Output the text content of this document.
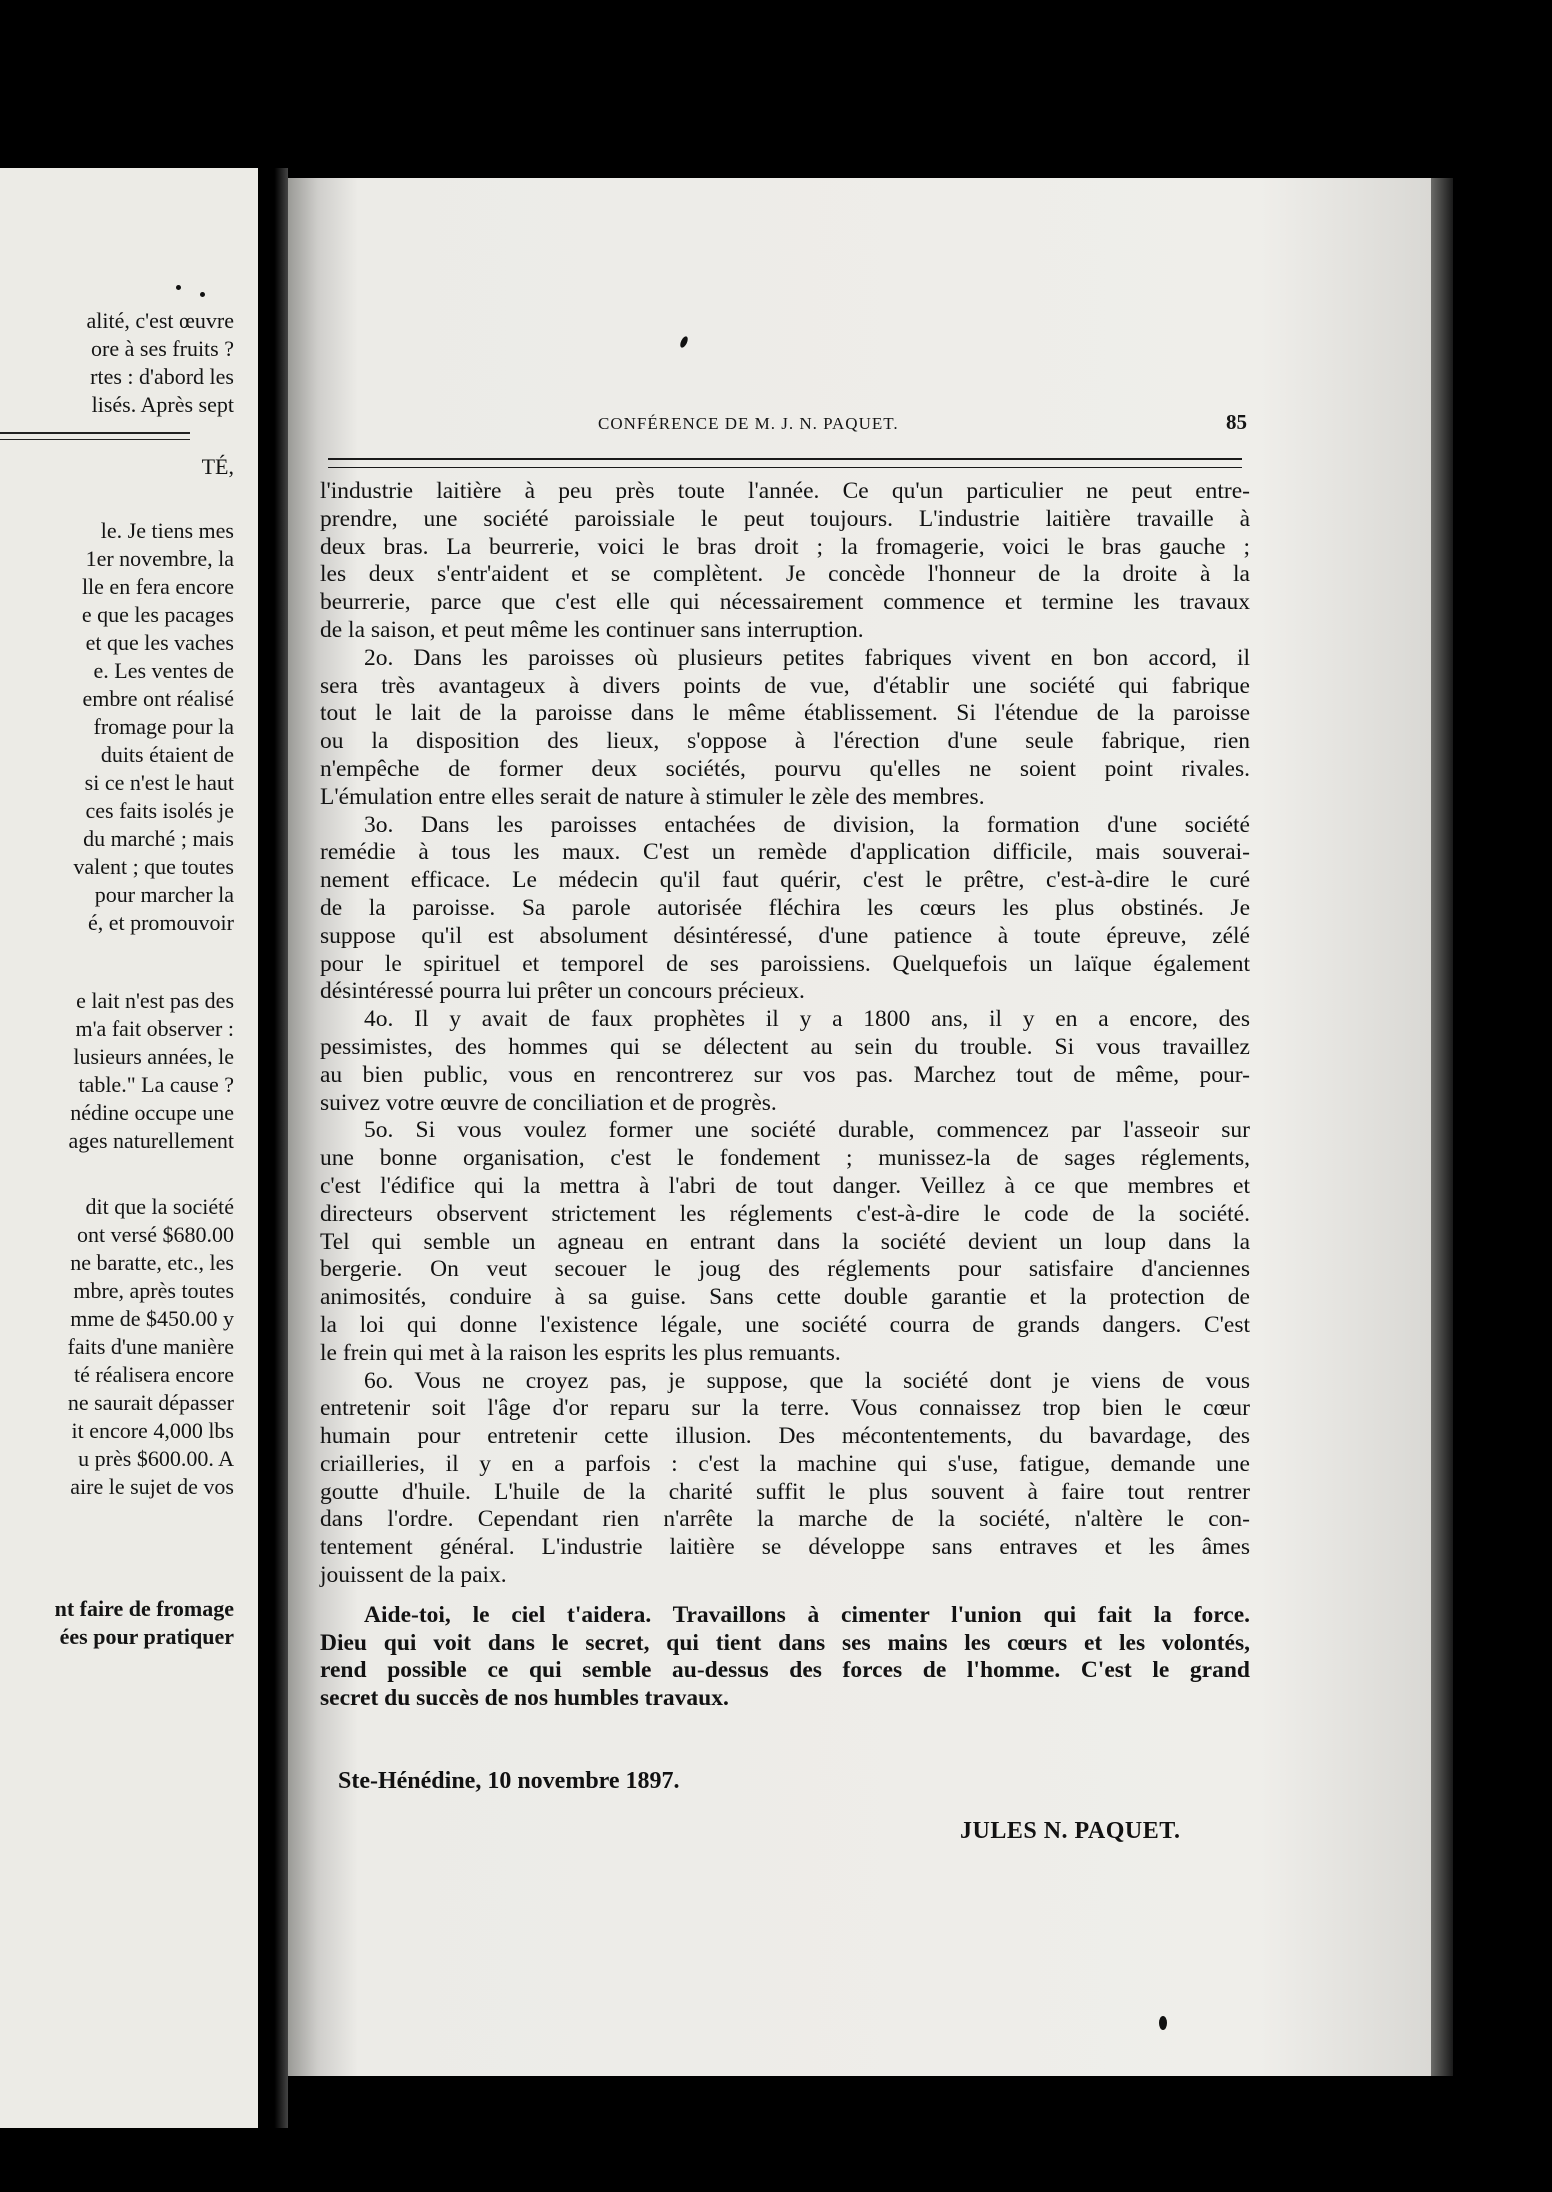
alité, c'est œuvre
ore à ses fruits ?
rtes : d'abord les
lisés. Après sept
TÉ,
le. Je tiens mes
1er novembre, la
lle en fera encore
e que les pacages
et que les vaches
e. Les ventes de
embre ont réalisé
fromage pour la
duits étaient de
si ce n'est le haut
ces faits isolés je
du marché ; mais
valent ; que toutes
pour marcher la
é, et promouvoir
e lait n'est pas des
m'a fait observer :
lusieurs années, le
table." La cause ?
nédine occupe une
ages naturellement
dit que la société
ont versé $680.00
ne baratte, etc., les
mbre, après toutes
mme de $450.00 y
faits d'une manière
té réalisera encore
ne saurait dépasser
it encore 4,000 lbs
u près $600.00. A
aire le sujet de vos
nt faire de fromage
ées pour pratiquer
CONFÉRENCE DE M. J. N. PAQUET.	85
l'industrie laitière à peu près toute l'année. Ce qu'un particulier ne peut entre-
prendre, une société paroissiale le peut toujours. L'industrie laitière travaille à
deux bras. La beurrerie, voici le bras droit ; la fromagerie, voici le bras gauche ;
les deux s'entr'aident et se complètent. Je concède l'honneur de la droite à la
beurrerie, parce que c'est elle qui nécessairement commence et termine les travaux
de la saison, et peut même les continuer sans interruption.
2o. Dans les paroisses où plusieurs petites fabriques vivent en bon accord, il
sera très avantageux à divers points de vue, d'établir une société qui fabrique
tout le lait de la paroisse dans le même établissement. Si l'étendue de la paroisse
ou la disposition des lieux, s'oppose à l'érection d'une seule fabrique, rien
n'empêche de former deux sociétés, pourvu qu'elles ne soient point rivales.
L'émulation entre elles serait de nature à stimuler le zèle des membres.
3o. Dans les paroisses entachées de division, la formation d'une société
remédie à tous les maux. C'est un remède d'application difficile, mais souverai-
nement efficace. Le médecin qu'il faut quérir, c'est le prêtre, c'est-à-dire le curé
de la paroisse. Sa parole autorisée fléchira les cœurs les plus obstinés. Je
suppose qu'il est absolument désintéressé, d'une patience à toute épreuve, zélé
pour le spirituel et temporel de ses paroissiens. Quelquefois un laïque également
désintéressé pourra lui prêter un concours précieux.
4o. Il y avait de faux prophètes il y a 1800 ans, il y en a encore, des
pessimistes, des hommes qui se délectent au sein du trouble. Si vous travaillez
au bien public, vous en rencontrerez sur vos pas. Marchez tout de même, pour-
suivez votre œuvre de conciliation et de progrès.
5o. Si vous voulez former une société durable, commencez par l'asseoir sur
une bonne organisation, c'est le fondement ; munissez-la de sages réglements,
c'est l'édifice qui la mettra à l'abri de tout danger. Veillez à ce que membres et
directeurs observent strictement les réglements c'est-à-dire le code de la société.
Tel qui semble un agneau en entrant dans la société devient un loup dans la
bergerie. On veut secouer le joug des réglements pour satisfaire d'anciennes
animosités, conduire à sa guise. Sans cette double garantie et la protection de
la loi qui donne l'existence légale, une société courra de grands dangers. C'est
le frein qui met à la raison les esprits les plus remuants.
6o. Vous ne croyez pas, je suppose, que la société dont je viens de vous
entretenir soit l'âge d'or reparu sur la terre. Vous connaissez trop bien le cœur
humain pour entretenir cette illusion. Des mécontentements, du bavardage, des
criailleries, il y en a parfois : c'est la machine qui s'use, fatigue, demande une
goutte d'huile. L'huile de la charité suffit le plus souvent à faire tout rentrer
dans l'ordre. Cependant rien n'arrête la marche de la société, n'altère le con-
tentement général. L'industrie laitière se développe sans entraves et les âmes
jouissent de la paix.
Aide-toi, le ciel t'aidera. Travaillons à cimenter l'union qui fait la force.
Dieu qui voit dans le secret, qui tient dans ses mains les cœurs et les volontés,
rend possible ce qui semble au-dessus des forces de l'homme. C'est le grand
secret du succès de nos humbles travaux.
Ste-Hénédine, 10 novembre 1897.
JULES N. PAQUET.
